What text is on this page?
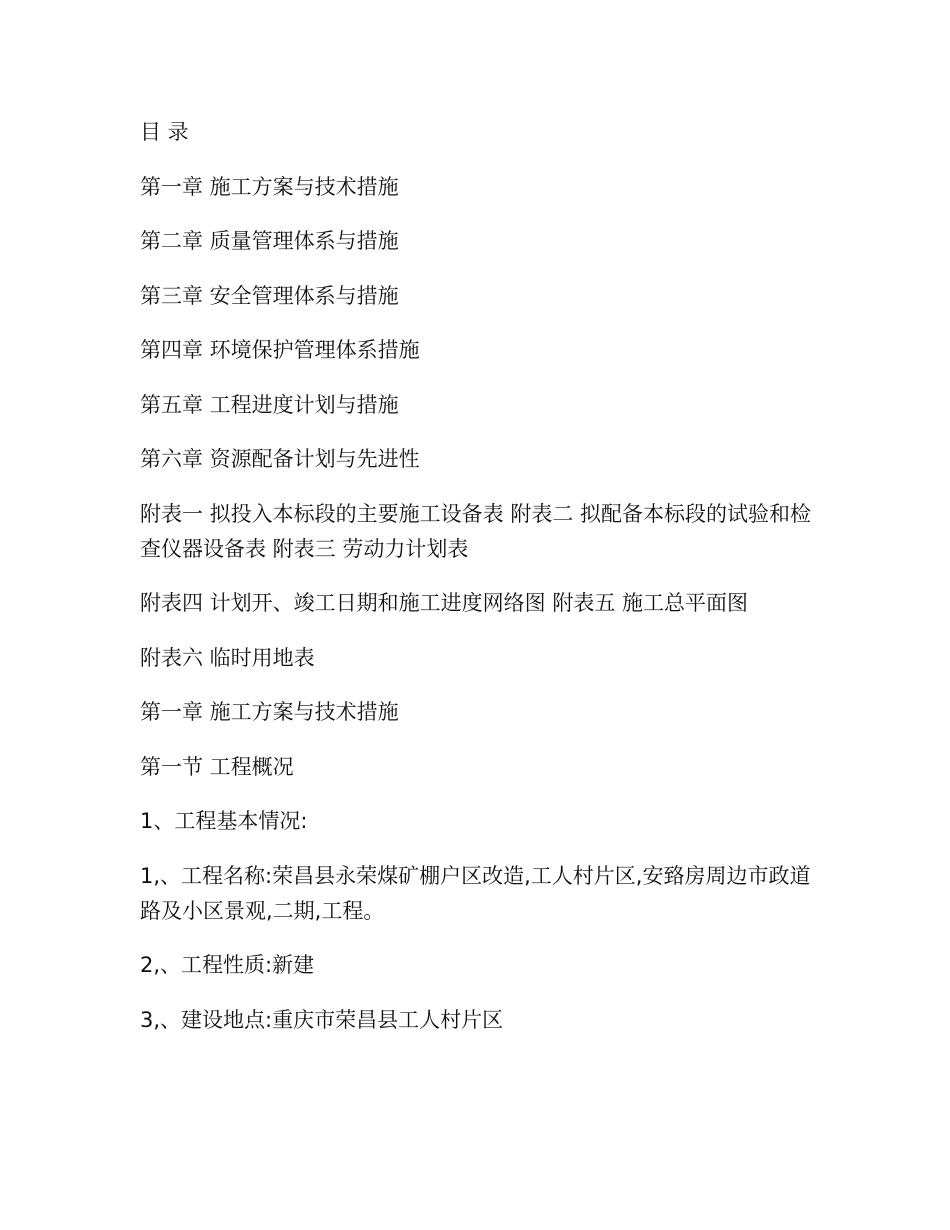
目 录

第一章 施工方案与技术措施

第二章 质量管理体系与措施

第三章 安全管理体系与措施

第四章 环境保护管理体系措施

第五章 工程进度计划与措施

第六章 资源配备计划与先进性

附表一 拟投入本标段的主要施工设备表 附表二 拟配备本标段的试验和检查仪器设备表 附表三 劳动力计划表

附表四 计划开、竣工日期和施工进度网络图 附表五 施工总平面图

附表六 临时用地表

第一章 施工方案与技术措施

第一节 工程概况

1、工程基本情况:

1,、工程名称:荣昌县永荣煤矿棚户区改造,工人村片区,安臵房周边市政道路及小区景观,二期,工程。

2,、工程性质:新建

3,、建设地点:重庆市荣昌县工人村片区
